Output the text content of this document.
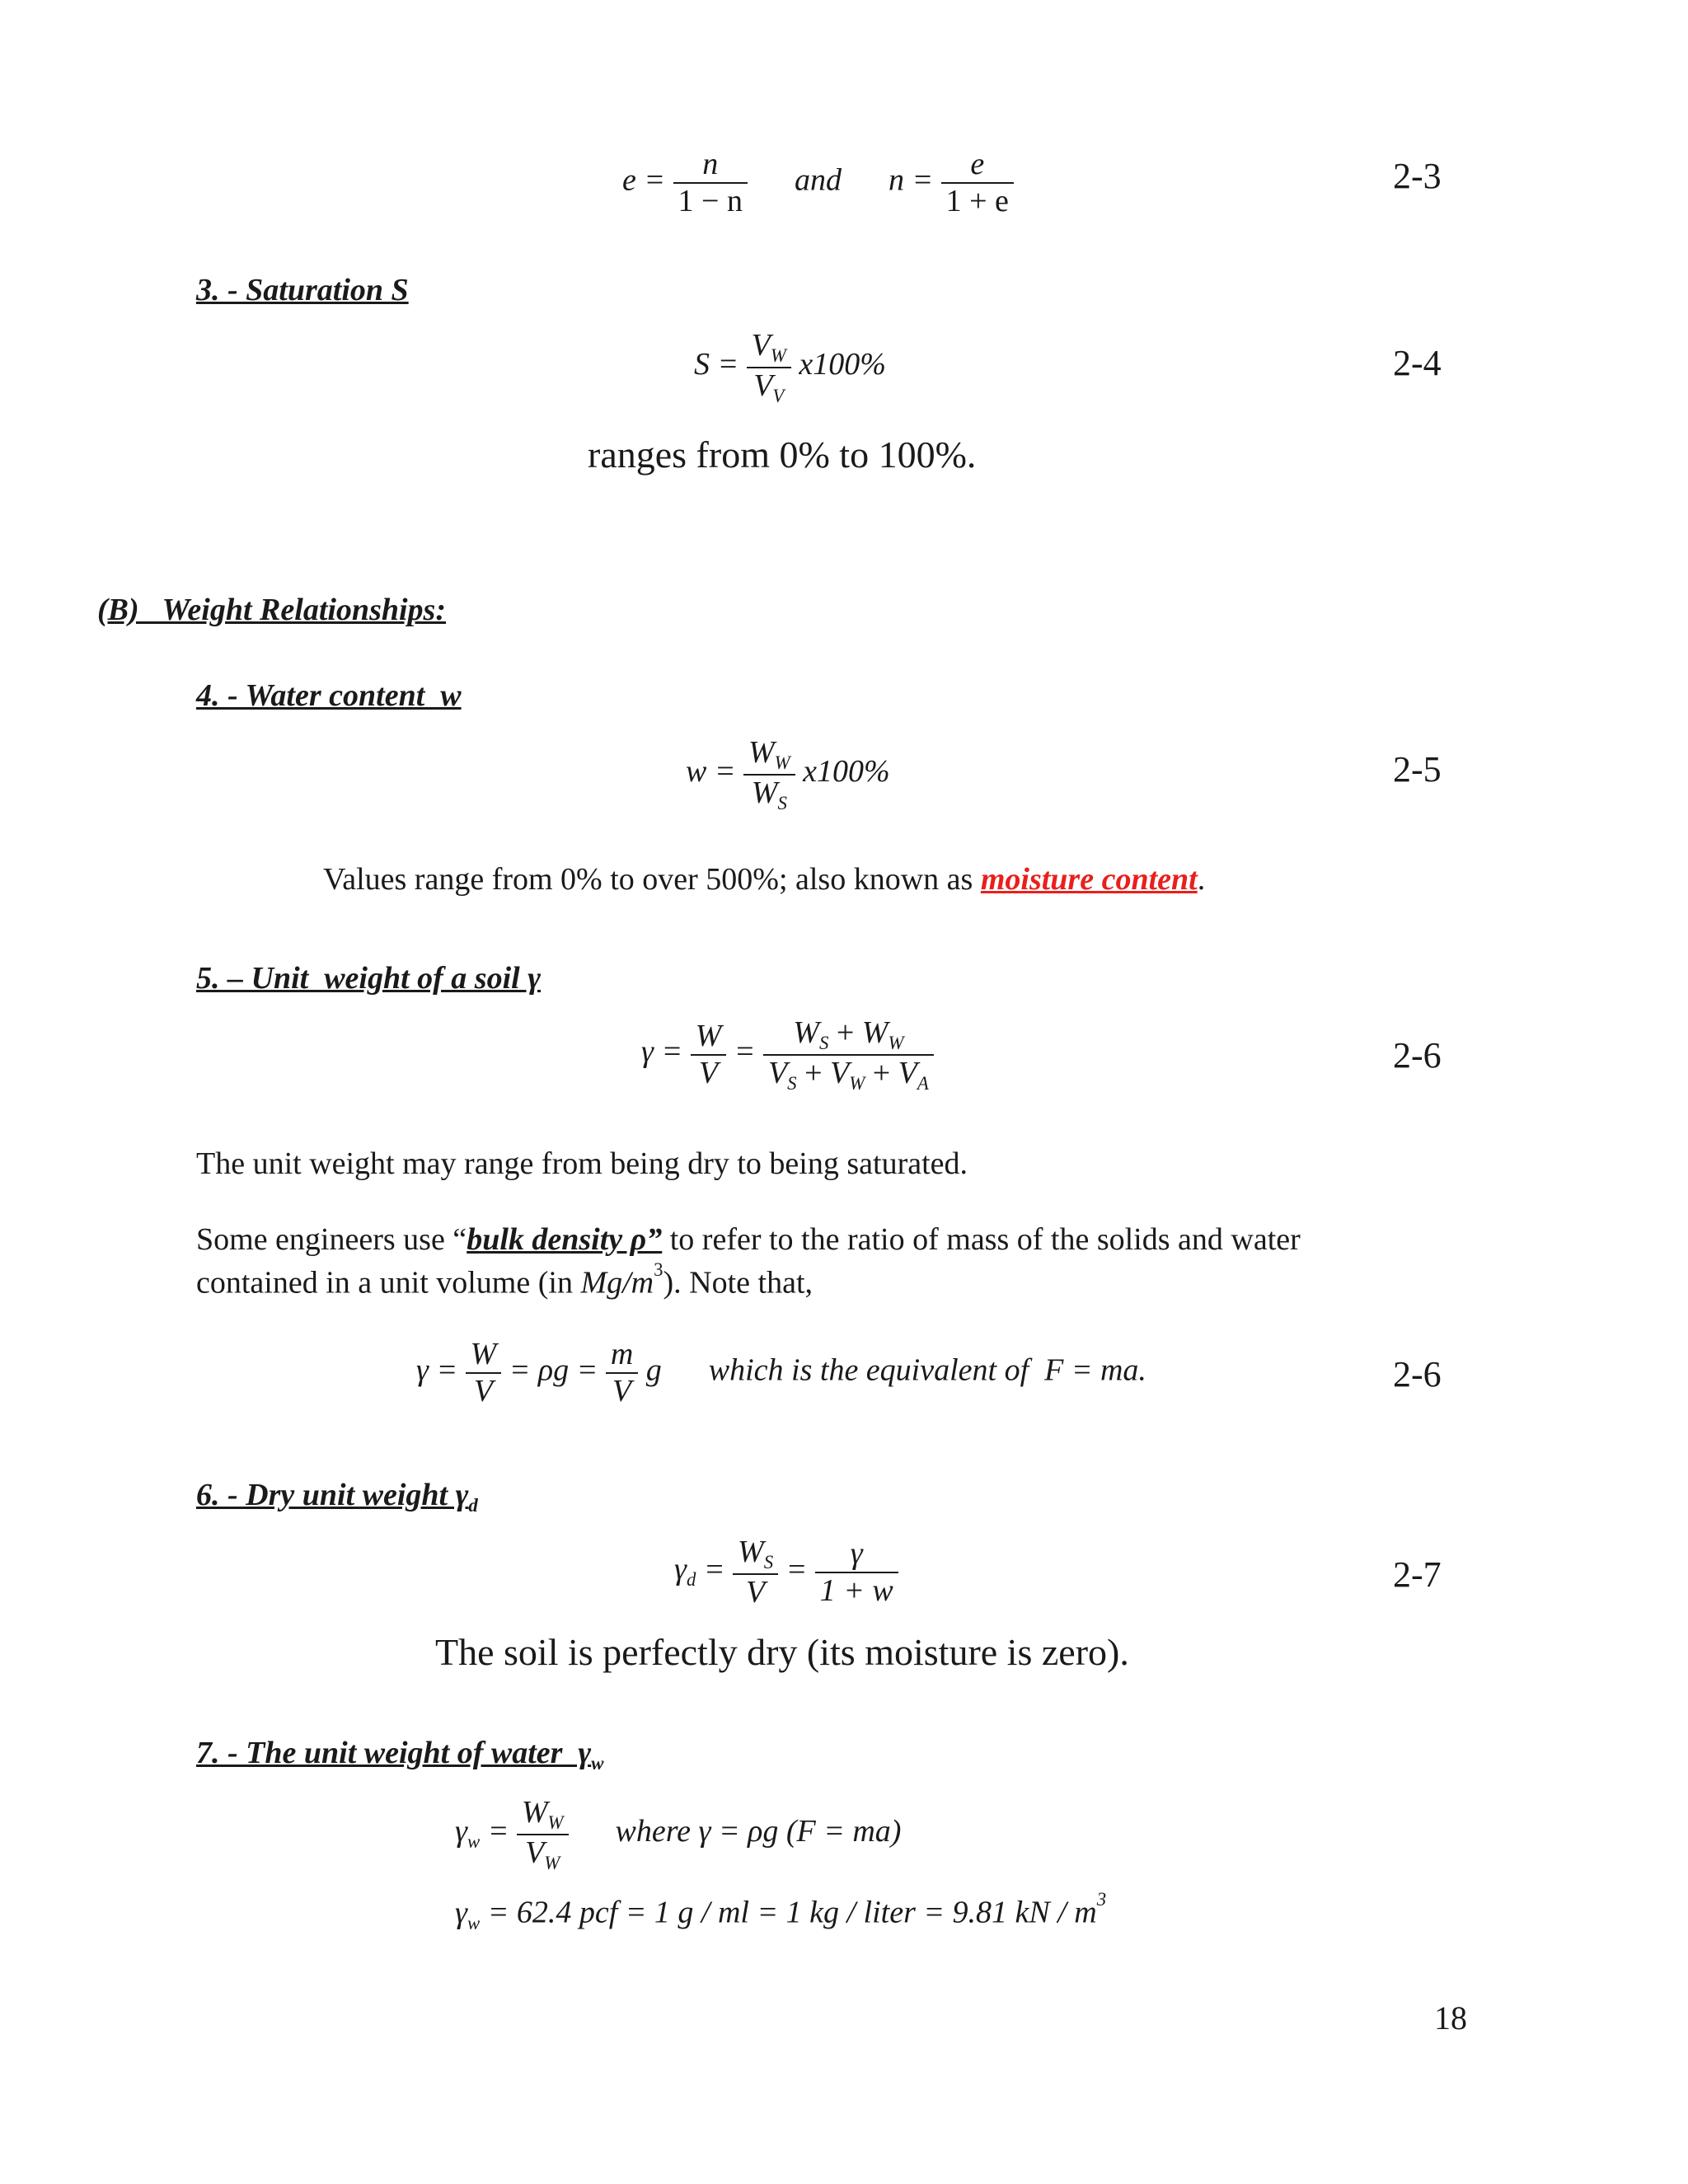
$e = \frac{n}{1 - n}$ and $n = \frac{e}{1 + e}$	2-3
3. - Saturation S
$S = \frac{V_W}{V_V} x100\%$	2-4
ranges from 0% to 100%.
(B)   Weight Relationships:
4. - Water content  w
$w = \frac{W_W}{W_S} x100\%$	2-5
Values range from 0% to over 500%; also known as moisture content.
5. – Unit  weight of a soil γ
$\gamma = \frac{W}{V} = \frac{W_S + W_W}{V_S + V_W + V_A}$	2-6
The unit weight may range from being dry to being saturated.
Some engineers use “bulk density ρ” to refer to the ratio of mass of the solids and water
contained in a unit volume (in $Mg/m^3$). Note that,
$\gamma = \frac{W}{V} = \rho g = \frac{m}{V}$ g which is the equivalent of  F = ma.	2-6
6. - Dry unit weight $\gamma_d$
$\gamma_d = \frac{W_S}{V} = \frac{\gamma}{1 + w}$	2-7
The soil is perfectly dry (its moisture is zero).
7. - The unit weight of water  $\gamma_w$
$\gamma_w = \frac{W_W}{V_W}$ where γ = ρg (F = ma)
$\gamma_w = 62.4$ pcf = 1 g / ml = 1 kg / liter = 9.81 kN / $m^3$
18
